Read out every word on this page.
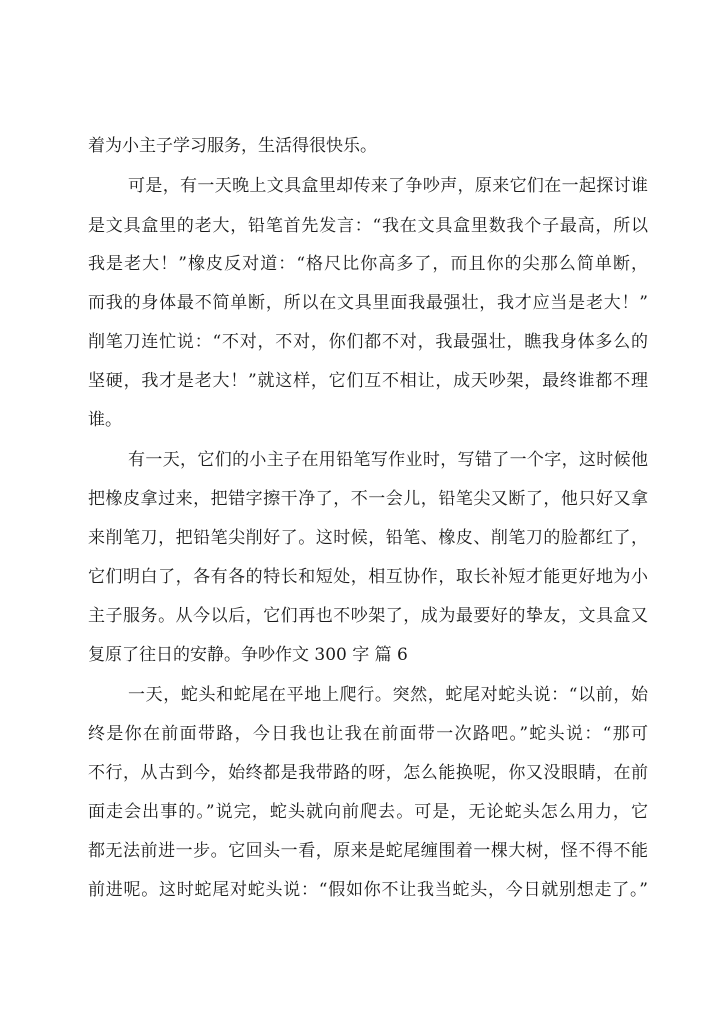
着为小主子学习服务，生活得很快乐。
可是，有一天晚上文具盒里却传来了争吵声，原来它们在一起探讨谁
是文具盒里的老大，铅笔首先发言：“我在文具盒里数我个子最高，所以
我是老大！”橡皮反对道：“格尺比你高多了，而且你的尖那么简单断，
而我的身体最不简单断，所以在文具里面我最强壮，我才应当是老大！”
削笔刀连忙说：“不对，不对，你们都不对，我最强壮，瞧我身体多么的
坚硬，我才是老大！”就这样，它们互不相让，成天吵架，最终谁都不理
谁。
有一天，它们的小主子在用铅笔写作业时，写错了一个字，这时候他
把橡皮拿过来，把错字擦干净了，不一会儿，铅笔尖又断了，他只好又拿
来削笔刀，把铅笔尖削好了。这时候，铅笔、橡皮、削笔刀的脸都红了，
它们明白了，各有各的特长和短处，相互协作，取长补短才能更好地为小
主子服务。从今以后，它们再也不吵架了，成为最要好的挚友，文具盒又
复原了往日的安静。争吵作文 300 字 篇 6
一天，蛇头和蛇尾在平地上爬行。突然，蛇尾对蛇头说：“以前，始
终是你在前面带路，今日我也让我在前面带一次路吧。”蛇头说：“那可
不行，从古到今，始终都是我带路的呀，怎么能换呢，你又没眼睛，在前
面走会出事的。”说完，蛇头就向前爬去。可是，无论蛇头怎么用力，它
都无法前进一步。它回头一看，原来是蛇尾缠围着一棵大树，怪不得不能
前进呢。这时蛇尾对蛇头说：“假如你不让我当蛇头，今日就别想走了。”
